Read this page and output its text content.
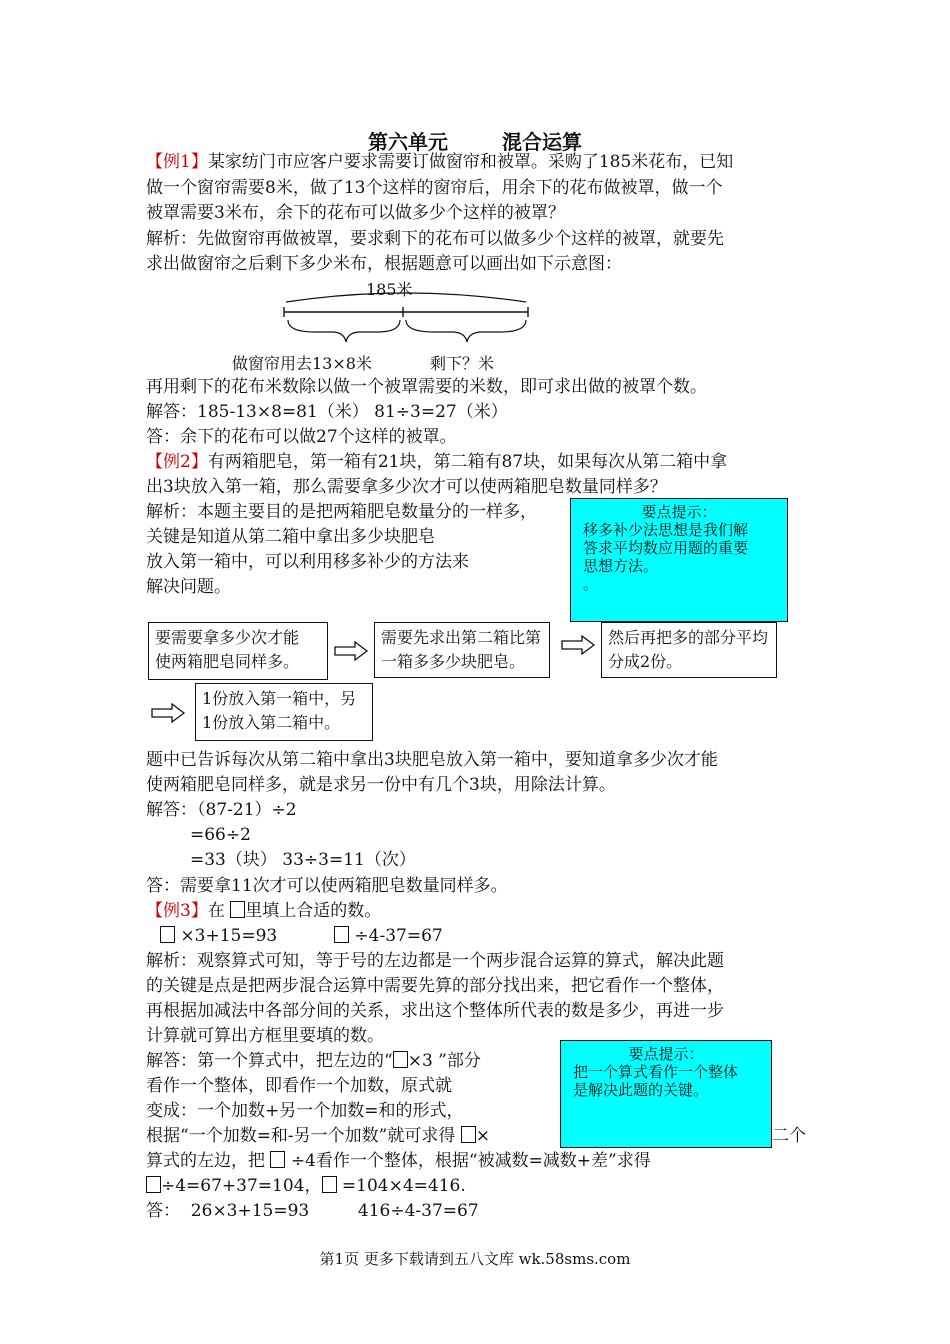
第六单元	混合运算
【例1】某家纺门市应客户要求需要订做窗帘和被罩。采购了185米花布，已知
做一个窗帘需要8米，做了13个这样的窗帘后，用余下的花布做被罩，做一个
被罩需要3米布，余下的花布可以做多少个这样的被罩？
解析：先做窗帘再做被罩，要求剩下的花布可以做多少个这样的被罩，就要先
求出做窗帘之后剩下多少米布，根据题意可以画出如下示意图：
185米
做窗帘用去13×8米	剩下？米
再用剩下的花布米数除以做一个被罩需要的米数，即可求出做的被罩个数。
解答：185-13×8=81（米） 81÷3=27（米）
答：余下的花布可以做27个这样的被罩。
【例2】有两箱肥皂，第一箱有21块，第二箱有87块，如果每次从第二箱中拿
出3块放入第一箱，那么需要拿多少次才可以使两箱肥皂数量同样多？
解析：本题主要目的是把两箱肥皂数量分的一样多，
关键是知道从第二箱中拿出多少块肥皂
放入第一箱中，可以利用移多补少的方法来
解决问题。
要点提示：
移多补少法思想是我们解
答求平均数应用题的重要
思想方法。
。
要需要拿多少次才能
使两箱肥皂同样多。
需要先求出第二箱比第
一箱多多少块肥皂。
然后再把多的部分平均
分成2份。
1份放入第一箱中，另
1份放入第二箱中。
题中已告诉每次从第二箱中拿出3块肥皂放入第一箱中，要知道拿多少次才能
使两箱肥皂同样多，就是求另一份中有几个3块，用除法计算。
解答：（87-21）÷2
=66÷2
=33（块） 33÷3=11（次）
答：需要拿11次才可以使两箱肥皂数量同样多。
【例3】在 里填上合适的数。
×3+15=93	÷4-37=67
解析：观察算式可知，等于号的左边都是一个两步混合运算的算式，解决此题
的关键是点是把两步混合运算中需要先算的部分找出来，把它看作一个整体，
再根据加减法中各部分间的关系，求出这个整体所代表的数是多少，再进一步
计算就可算出方框里要填的数。
解答：第一个算式中，把左边的“ ×3 ”部分
看作一个整体，即看作一个加数，原式就
变成：一个加数+另一个加数=和的形式，
根据“一个加数=和-另一个加数”就可求得 ×	二个
算式的左边，把 ÷4看作一个整体，根据“被减数=减数+差”求得
÷4=67+37=104， =104×4=416.
答：  26×3+15=93         416÷4-37=67
要点提示：
把一个算式看作一个整体
是解决此题的关键。
第1页 更多下载请到五八文库 wk.58sms.com
